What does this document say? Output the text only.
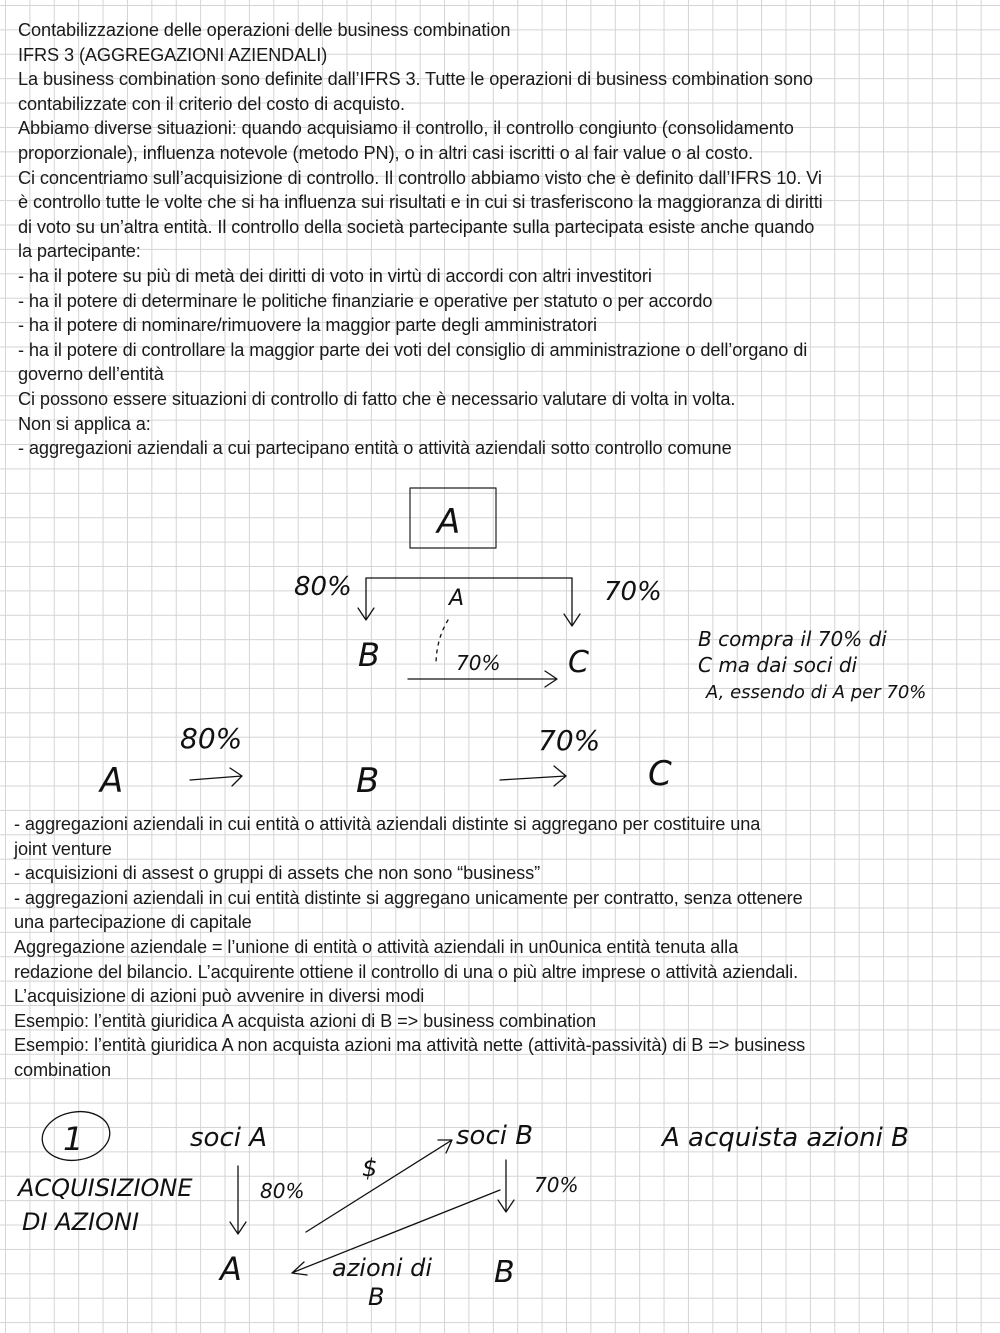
Contabilizzazione delle operazioni delle business combination
IFRS 3 (AGGREGAZIONI AZIENDALI)
La business combination sono definite dall’IFRS 3. Tutte le operazioni di business combination sono
contabilizzate con il criterio del costo di acquisto.
Abbiamo diverse situazioni: quando acquisiamo il controllo, il controllo congiunto (consolidamento
proporzionale), influenza notevole (metodo PN), o in altri casi iscritti o al fair value o al costo.
Ci concentriamo sull’acquisizione di controllo. Il controllo abbiamo visto che è definito dall’IFRS 10. Vi
è controllo tutte le volte che si ha influenza sui risultati e in cui si trasferiscono la maggioranza di diritti
di voto su un’altra entità. Il controllo della società partecipante sulla partecipata esiste anche quando
la partecipante:
- ha il potere su più di metà dei diritti di voto in virtù di accordi con altri investitori
- ha il potere di determinare le politiche finanziarie e operative per statuto o per accordo
- ha il potere di nominare/rimuovere la maggior parte degli amministratori
- ha il potere di controllare la maggior parte dei voti del consiglio di amministrazione o dell’organo di
governo dell’entità
Ci possono essere situazioni di controllo di fatto che è necessario valutare di volta in volta.
Non si applica a:
- aggregazioni aziendali a cui partecipano entità o attività aziendali sotto controllo comune
- aggregazioni aziendali in cui entità o attività aziendali distinte si aggregano per costituire una
joint venture
- acquisizioni di assest o gruppi di assets che non sono “business”
- aggregazioni aziendali in cui entità distinte si aggregano unicamente per contratto, senza ottenere
una partecipazione di capitale
Aggregazione aziendale = l’unione di entità o attività aziendali in un0unica entità tenuta alla
redazione del bilancio. L’acquirente ottiene il controllo di una o più altre imprese o attività aziendali.
L’acquisizione di azioni può avvenire in diversi modi
Esempio: l’entità giuridica A acquista azioni di B => business combination
Esempio: l’entità giuridica A non acquista azioni ma attività nette (attività-passività) di B => business
combination
A
80%	70%
A
B	C
70%
B compra il 70% di
C ma dai soci di
A, essendo di A per 70%
80%	70%
A	B	C
1
ACQUISIZIONE
DI AZIONI
soci A	soci B
80%	70%
$
A	B
azioni di
B
A acquista azioni B
